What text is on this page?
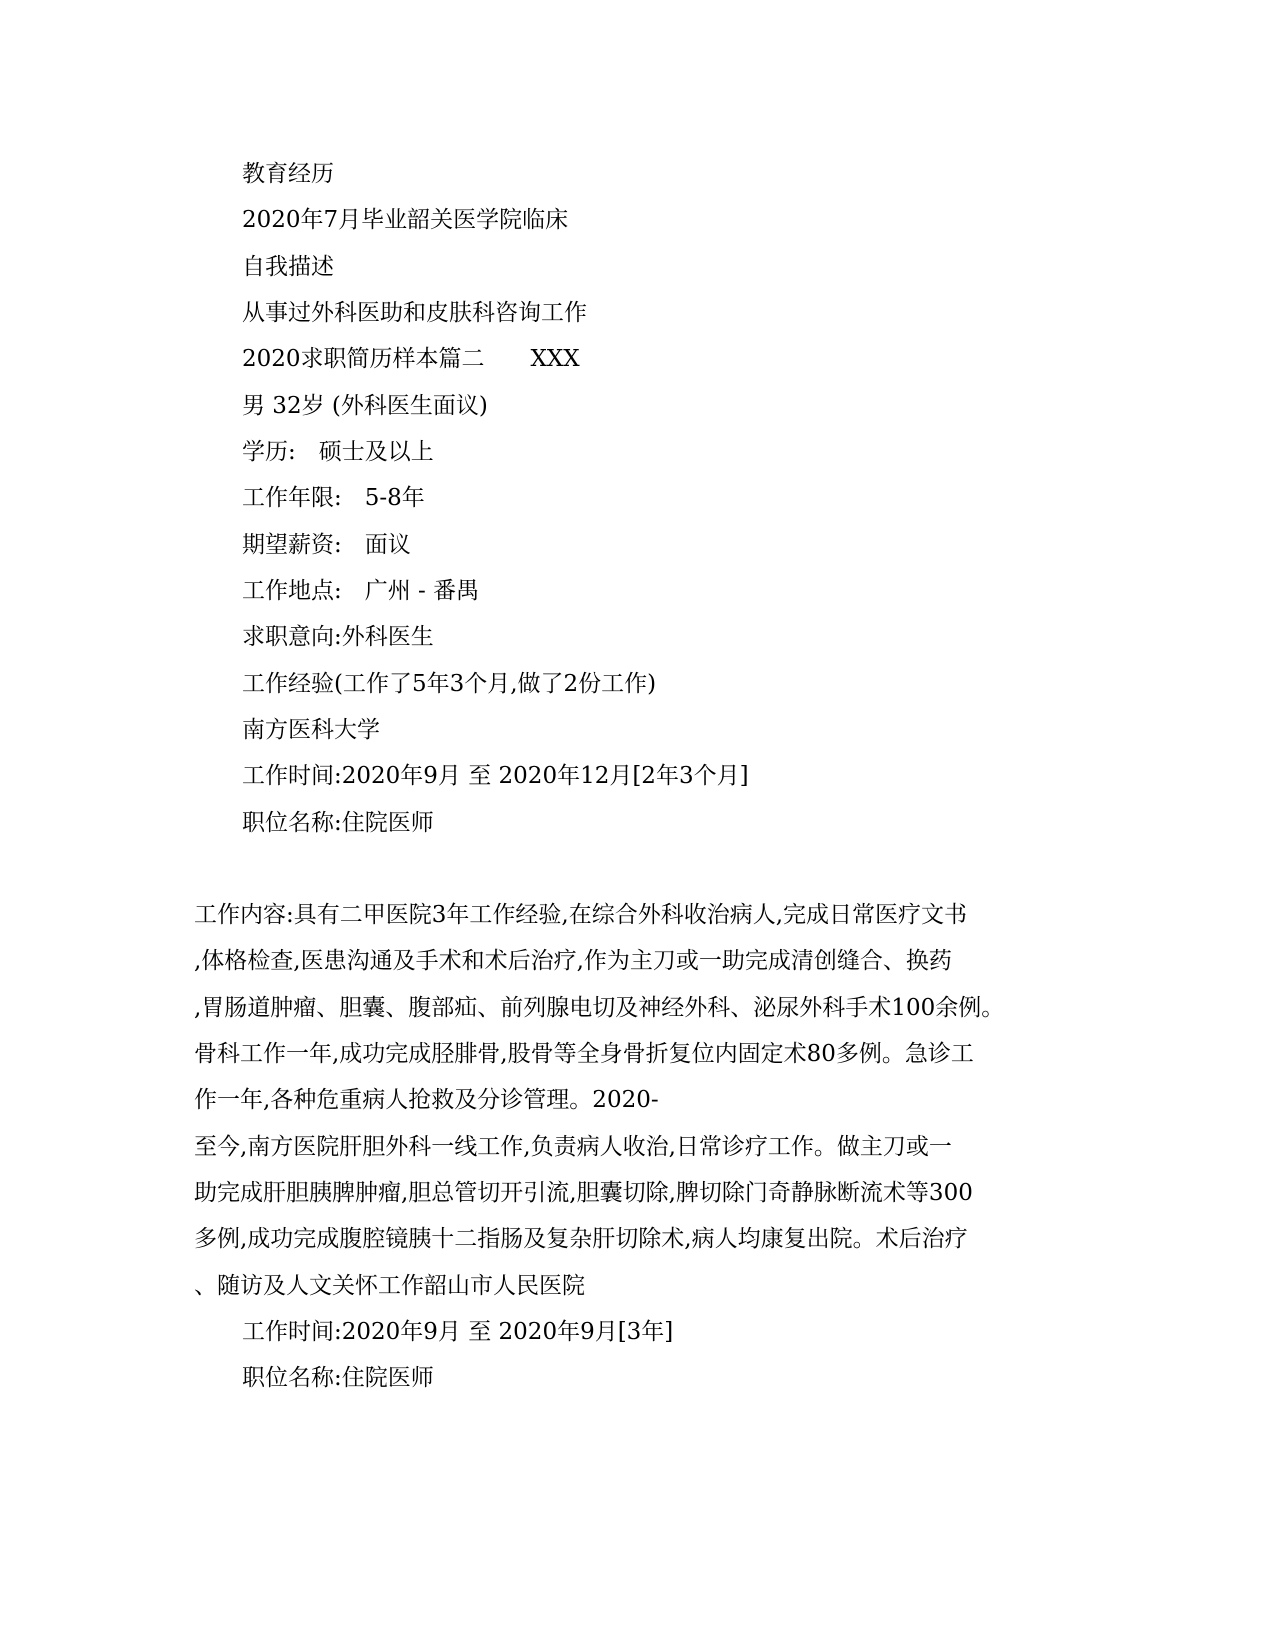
教育经历
2020年7月毕业韶关医学院临床
自我描述
从事过外科医助和皮肤科咨询工作
2020求职简历样本篇二　　XXX
男 32岁 (外科医生面议)
学历:　硕士及以上
工作年限:　5-8年
期望薪资:　面议
工作地点:　广州 - 番禺
求职意向:外科医生
工作经验(工作了5年3个月,做了2份工作)
南方医科大学
工作时间:2020年9月 至 2020年12月[2年3个月]
职位名称:住院医师
工作内容:具有二甲医院3年工作经验,在综合外科收治病人,完成日常医疗文书
,体格检查,医患沟通及手术和术后治疗,作为主刀或一助完成清创缝合、换药
,胃肠道肿瘤、胆囊、腹部疝、前列腺电切及神经外科、泌尿外科手术100余例。
骨科工作一年,成功完成胫腓骨,股骨等全身骨折复位内固定术80多例。急诊工
作一年,各种危重病人抢救及分诊管理。2020-
至今,南方医院肝胆外科一线工作,负责病人收治,日常诊疗工作。做主刀或一
助完成肝胆胰脾肿瘤,胆总管切开引流,胆囊切除,脾切除门奇静脉断流术等300
多例,成功完成腹腔镜胰十二指肠及复杂肝切除术,病人均康复出院。术后治疗
、随访及人文关怀工作韶山市人民医院
工作时间:2020年9月 至 2020年9月[3年]
职位名称:住院医师
